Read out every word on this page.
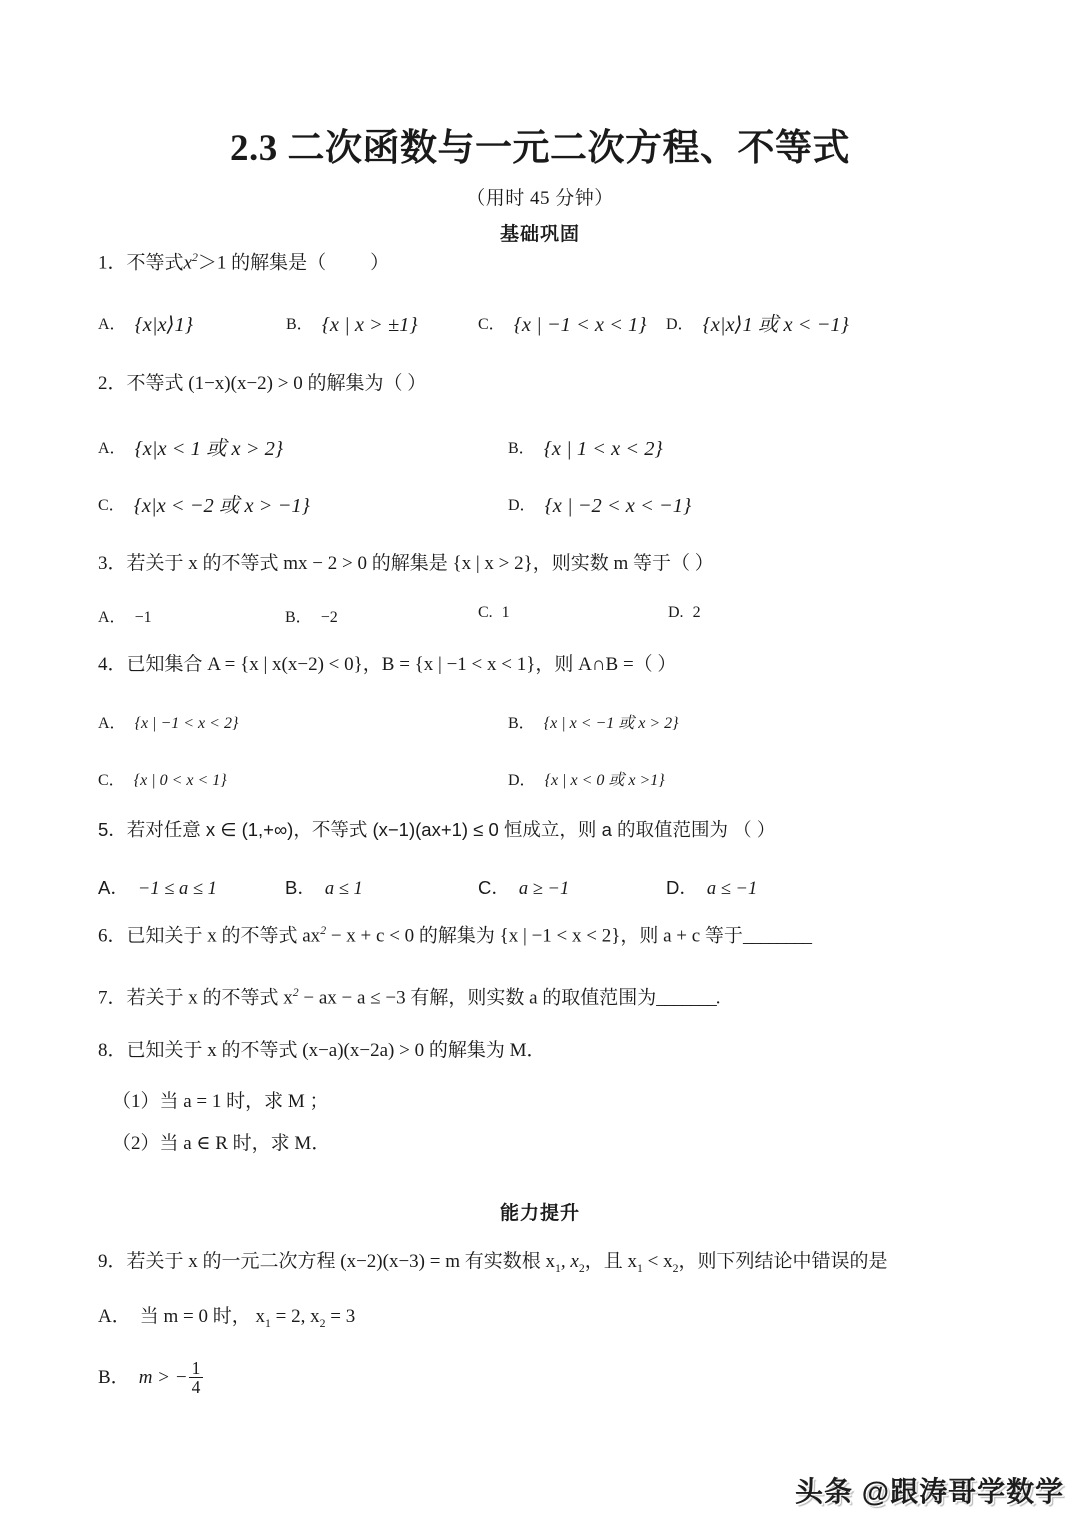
2.3 二次函数与一元二次方程、不等式
（用时 45 分钟）
基础巩固
1．不等式$x^2>1$ 的解集是（ ）
A． {x|x⟩1}	B． {x | x > ±1}	C． {x | −1 < x < 1} D． {x|x⟩1 或 x < −1}
2．不等式 (1−x)(x−2) > 0 的解集为（ ）
A． {x|x < 1 或 x > 2}	B． {x | 1 < x < 2}
C． {x|x < −2 或 x > −1}	D． {x | −2 < x < −1}
3．若关于 x 的不等式 mx − 2 > 0 的解集是 {x | x > 2}，则实数 m 等于（ ）
A． −1	B． −2	C. 1	D. 2
4．已知集合 A = {x | x(x−2) < 0}，B = {x | −1 < x < 1}，则 A∩B =（ ）
A． {x | −1 < x < 2}	B． {x | x < −1 或 x > 2}
C． {x | 0 < x < 1}	D． {x | x < 0 或 x >1}
5．若对任意 x ∈ (1,+∞)，不等式 (x−1)(ax+1) ≤ 0 恒成立，则 a 的取值范围为 （ ）
A． −1 ≤ a ≤ 1	B． a ≤ 1	C． a ≥ −1	D． a ≤ −1
6．已知关于 x 的不等式 $ax^2 - x + c < 0$ 的解集为 {x | −1 < x < 2}，则 a + c 等于________
7．若关于 x 的不等式 $x^2$ − ax − a ≤ −3 有解，则实数 a 的取值范围为_______.
8．已知关于 x 的不等式 (x−a)(x−2a) > 0 的解集为 M．
（1）当 a = 1 时，求 M ；
（2）当 a ∈ R 时，求 M．
9．若关于 x 的一元二次方程 (x−2)(x−3) = m 有实数根 $x_1$, $x_2$，且 $x_1 < x_2$，则下列结论中错误的是
A． 当 m = 0 时， $x_1 = 2$, $x_2 = 3$
B． m > − $\frac{1}{4}$
能力提升
头条 @跟涛哥学数学
